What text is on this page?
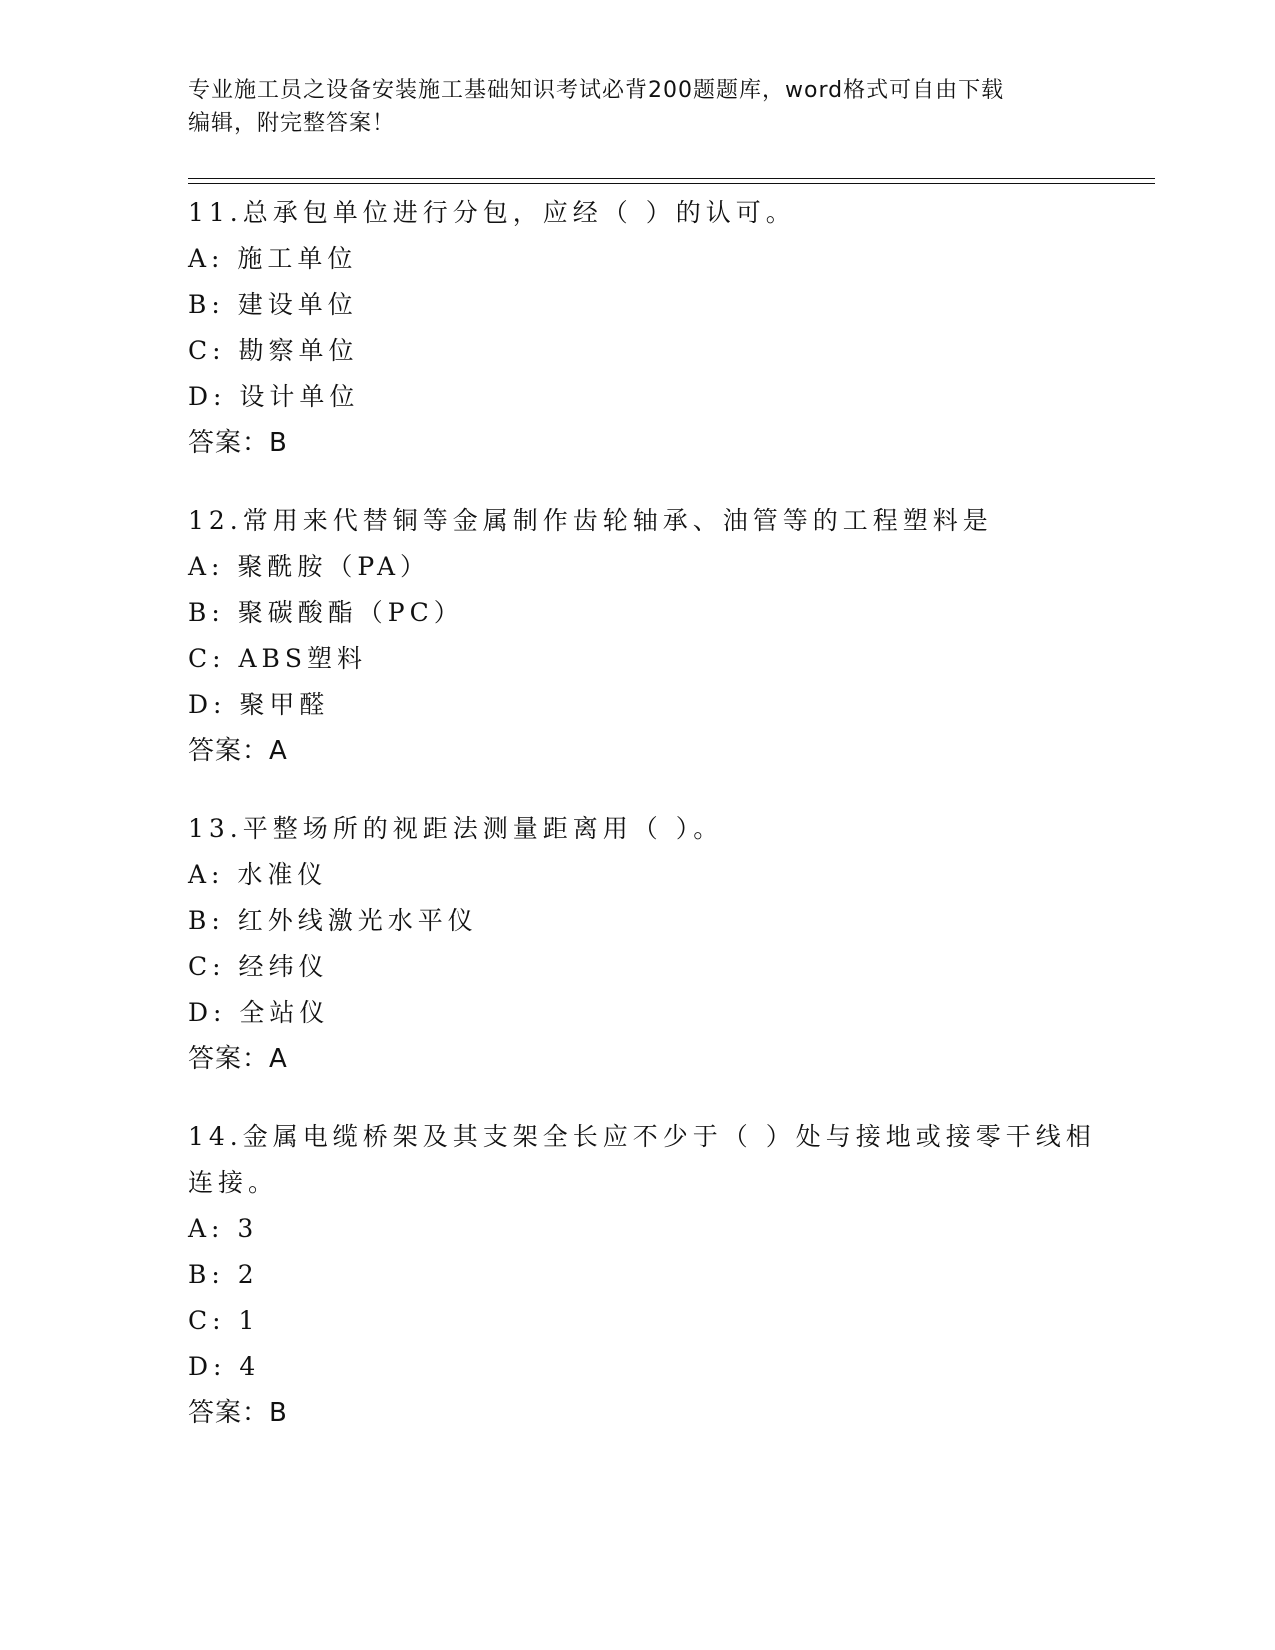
专业施工员之设备安装施工基础知识考试必背200题题库，word格式可自由下载
编辑，附完整答案！
11.总承包单位进行分包，应经（ ）的认可。
A: 施工单位
B: 建设单位
C: 勘察单位
D: 设计单位
答案：B
12.常用来代替铜等金属制作齿轮轴承、油管等的工程塑料是
A: 聚酰胺（PA）
B: 聚碳酸酯（PC）
C: ABS塑料
D: 聚甲醛
答案：A
13.平整场所的视距法测量距离用（ ）。
A: 水准仪
B: 红外线激光水平仪
C: 经纬仪
D: 全站仪
答案：A
14.金属电缆桥架及其支架全长应不少于（ ）处与接地或接零干线相
连接。
A: 3
B: 2
C: 1
D: 4
答案：B
